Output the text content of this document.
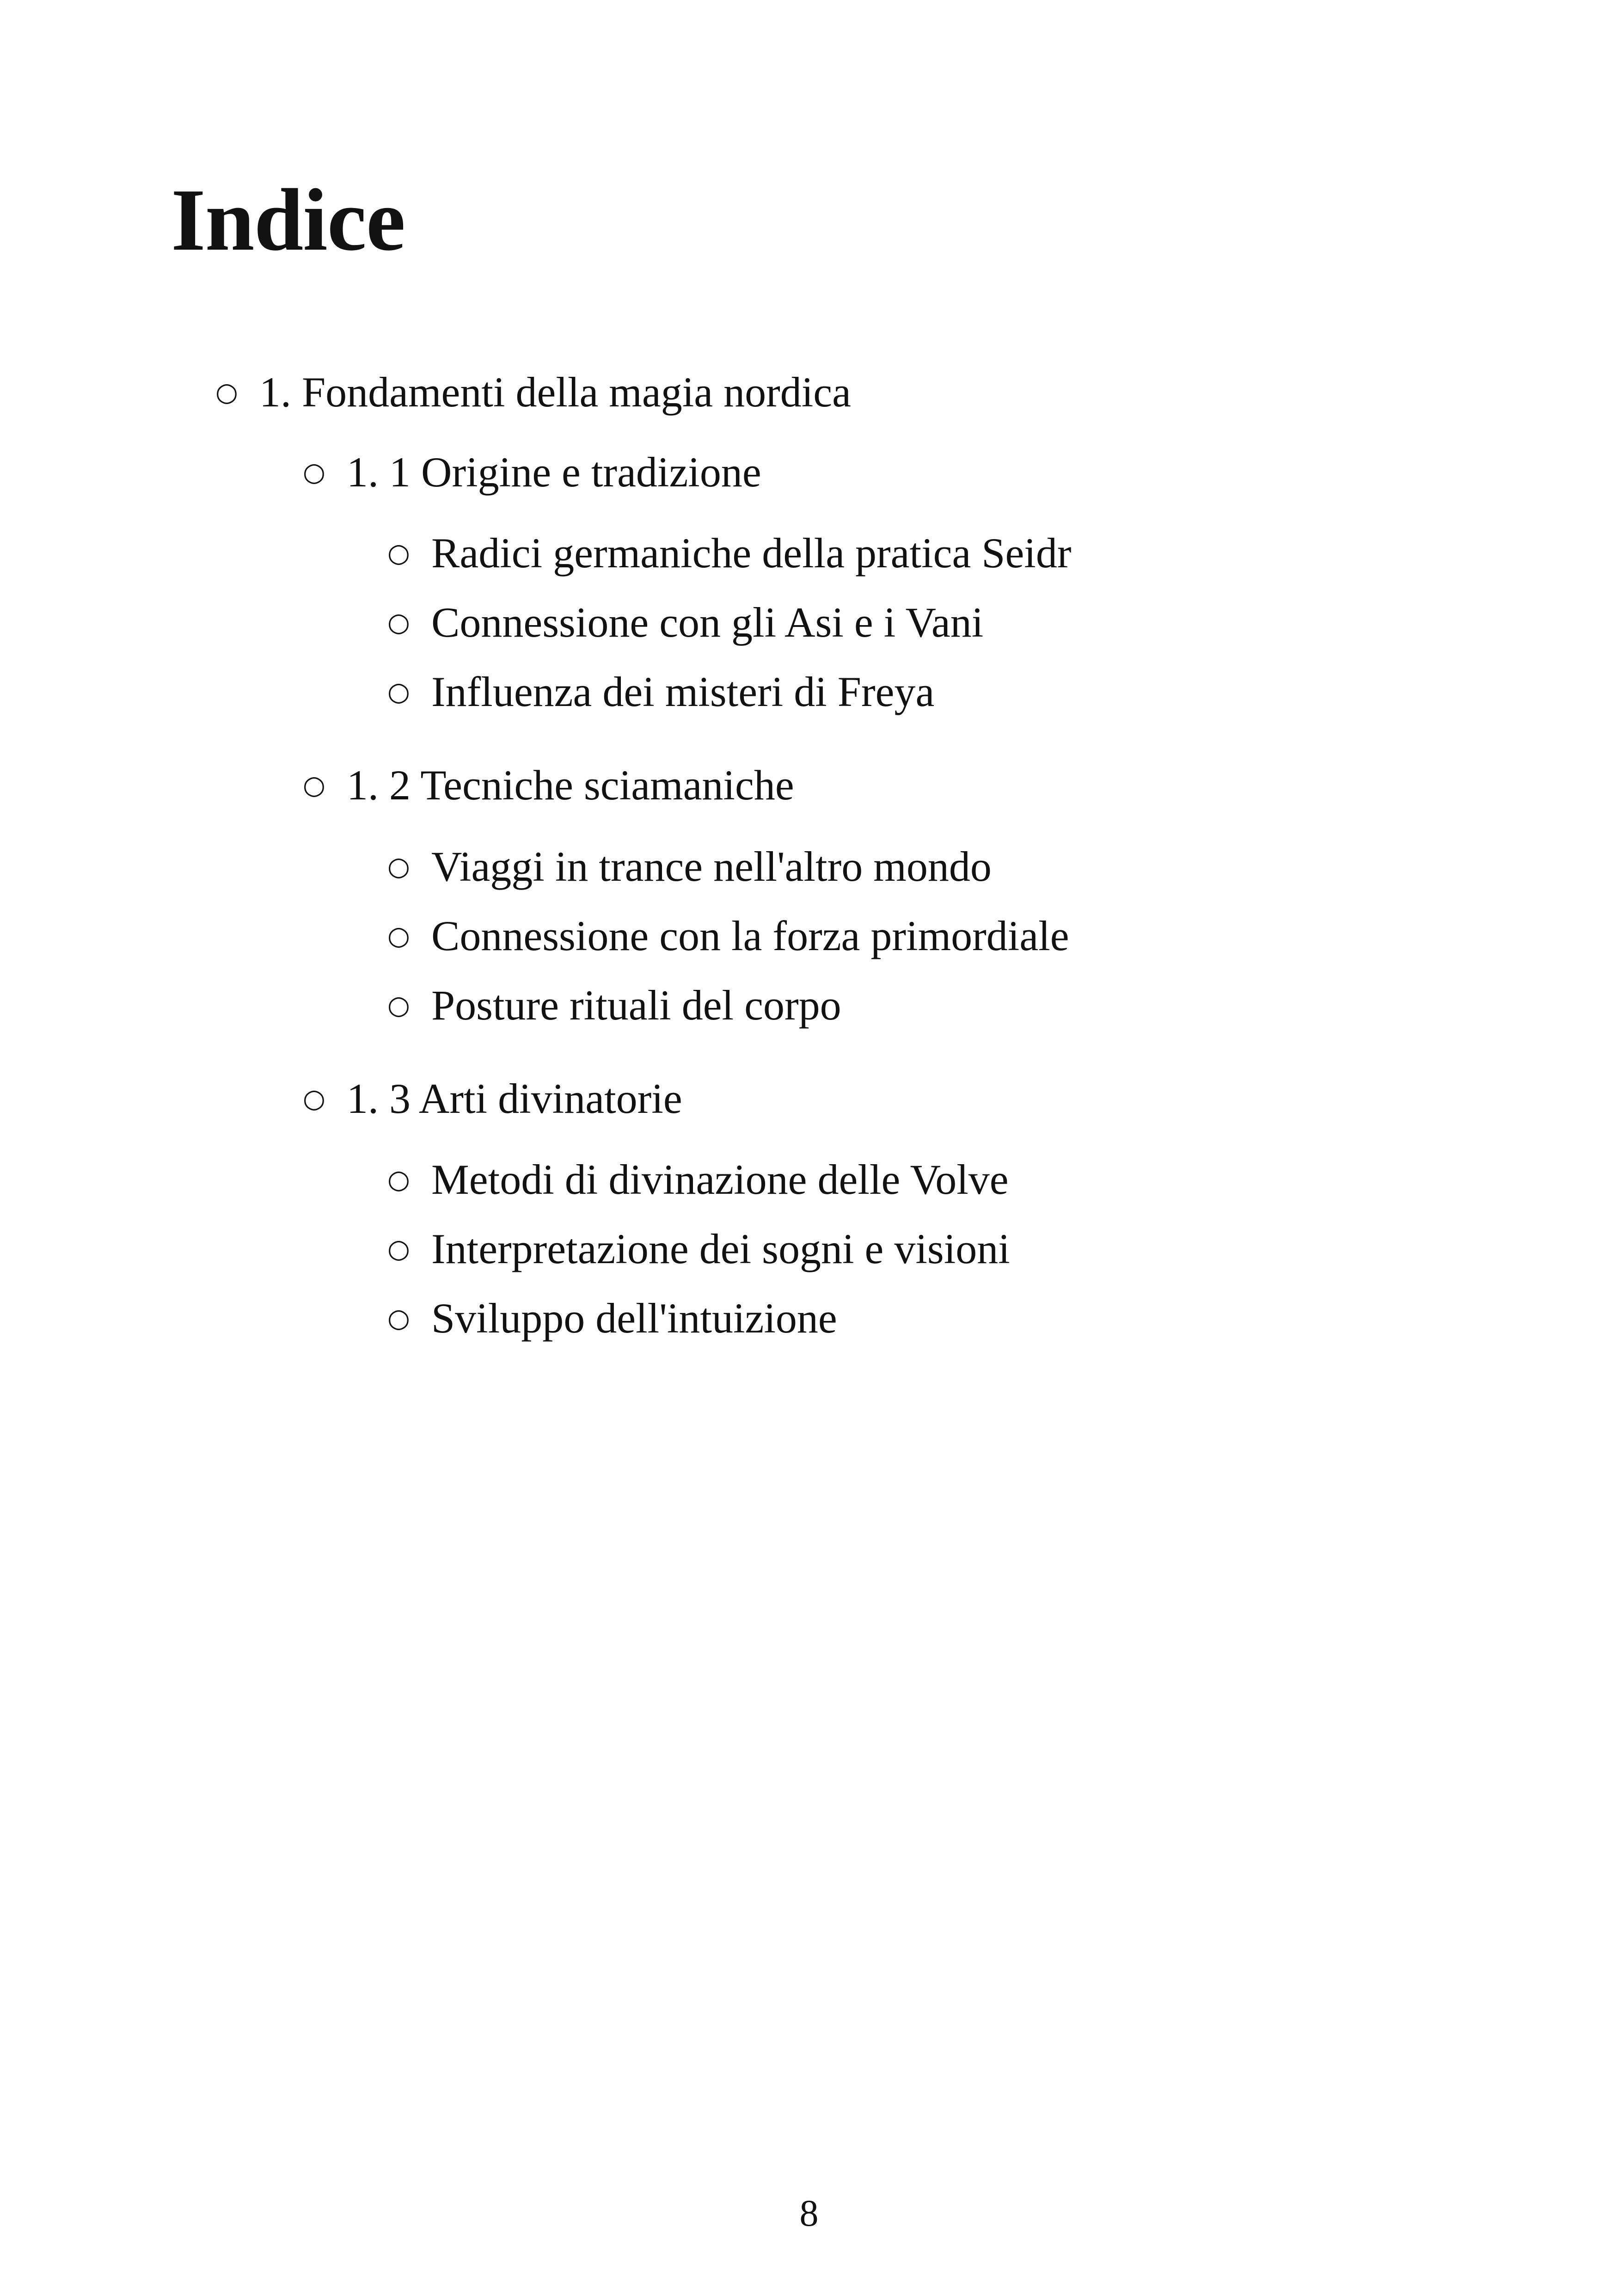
Indice
○ 1. Fondamenti della magia nordica
○ 1. 1 Origine e tradizione
○ Radici germaniche della pratica Seidr
○ Connessione con gli Asi e i Vani
○ Influenza dei misteri di Freya
○ 1. 2 Tecniche sciamaniche
○ Viaggi in trance nell'altro mondo
○ Connessione con la forza primordiale
○ Posture rituali del corpo
○ 1. 3 Arti divinatorie
○ Metodi di divinazione delle Volve
○ Interpretazione dei sogni e visioni
○ Sviluppo dell'intuizione
8
